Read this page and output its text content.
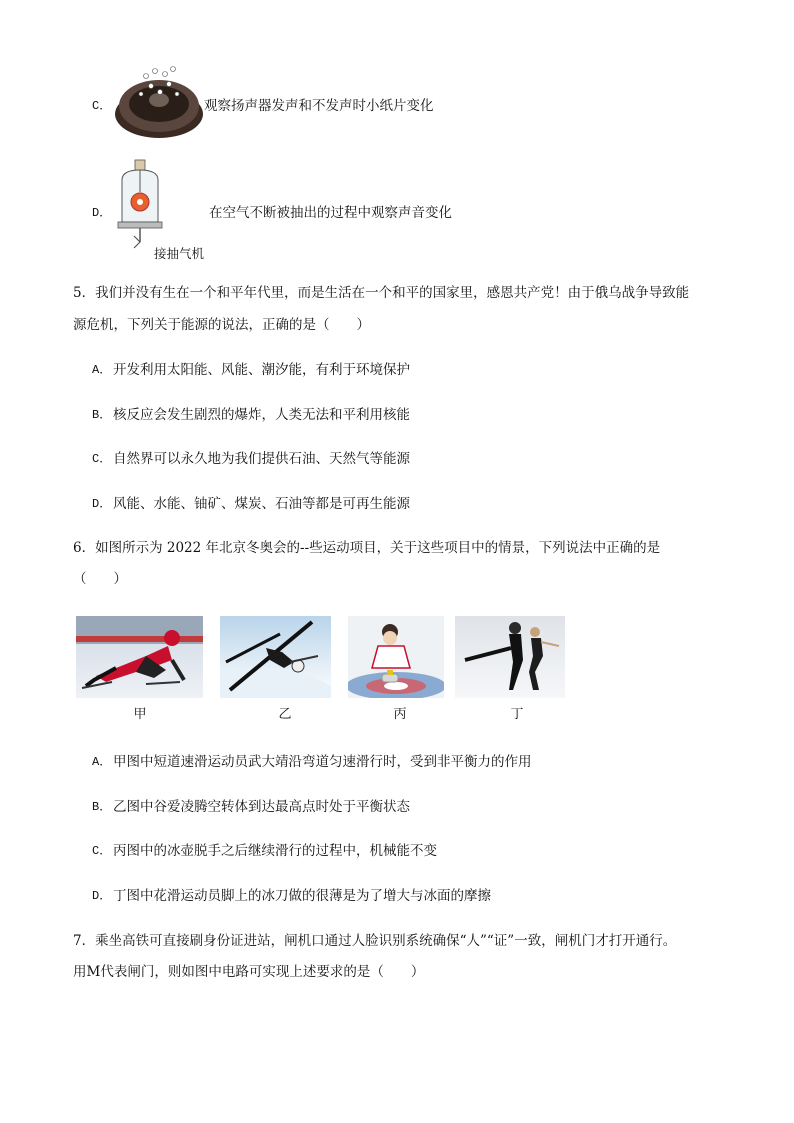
C．	观察扬声器发声和不发声时小纸片变化
D．
接抽气机
在空气不断被抽出的过程中观察声音变化
5．我们并没有生在一个和平年代里，而是生活在一个和平的国家里，感恩共产党！由于俄乌战争导致能
源危机，下列关于能源的说法，正确的是（　　）
A． 开发利用太阳能、风能、潮汐能，有利于环境保护
B． 核反应会发生剧烈的爆炸，人类无法和平利用核能
C． 自然界可以永久地为我们提供石油、天然气等能源
D． 风能、水能、铀矿、煤炭、石油等都是可再生能源
6．如图所示为 2022 年北京冬奥会的--些运动项目，关于这些项目中的情景，下列说法中正确的是
（　　）
甲	乙	丙	丁
A． 甲图中短道速滑运动员武大靖沿弯道匀速滑行时，受到非平衡力的作用
B． 乙图中谷爱凌腾空转体到达最高点时处于平衡状态
C． 丙图中的冰壶脱手之后继续滑行的过程中，机械能不变
D． 丁图中花滑运动员脚上的冰刀做的很薄是为了增大与冰面的摩擦
7．乘坐高铁可直接刷身份证进站，闸机口通过人脸识别系统确保“人”“证”一致，闸机门才打开通行。
用M代表闸门，则如图中电路可实现上述要求的是（　　）
